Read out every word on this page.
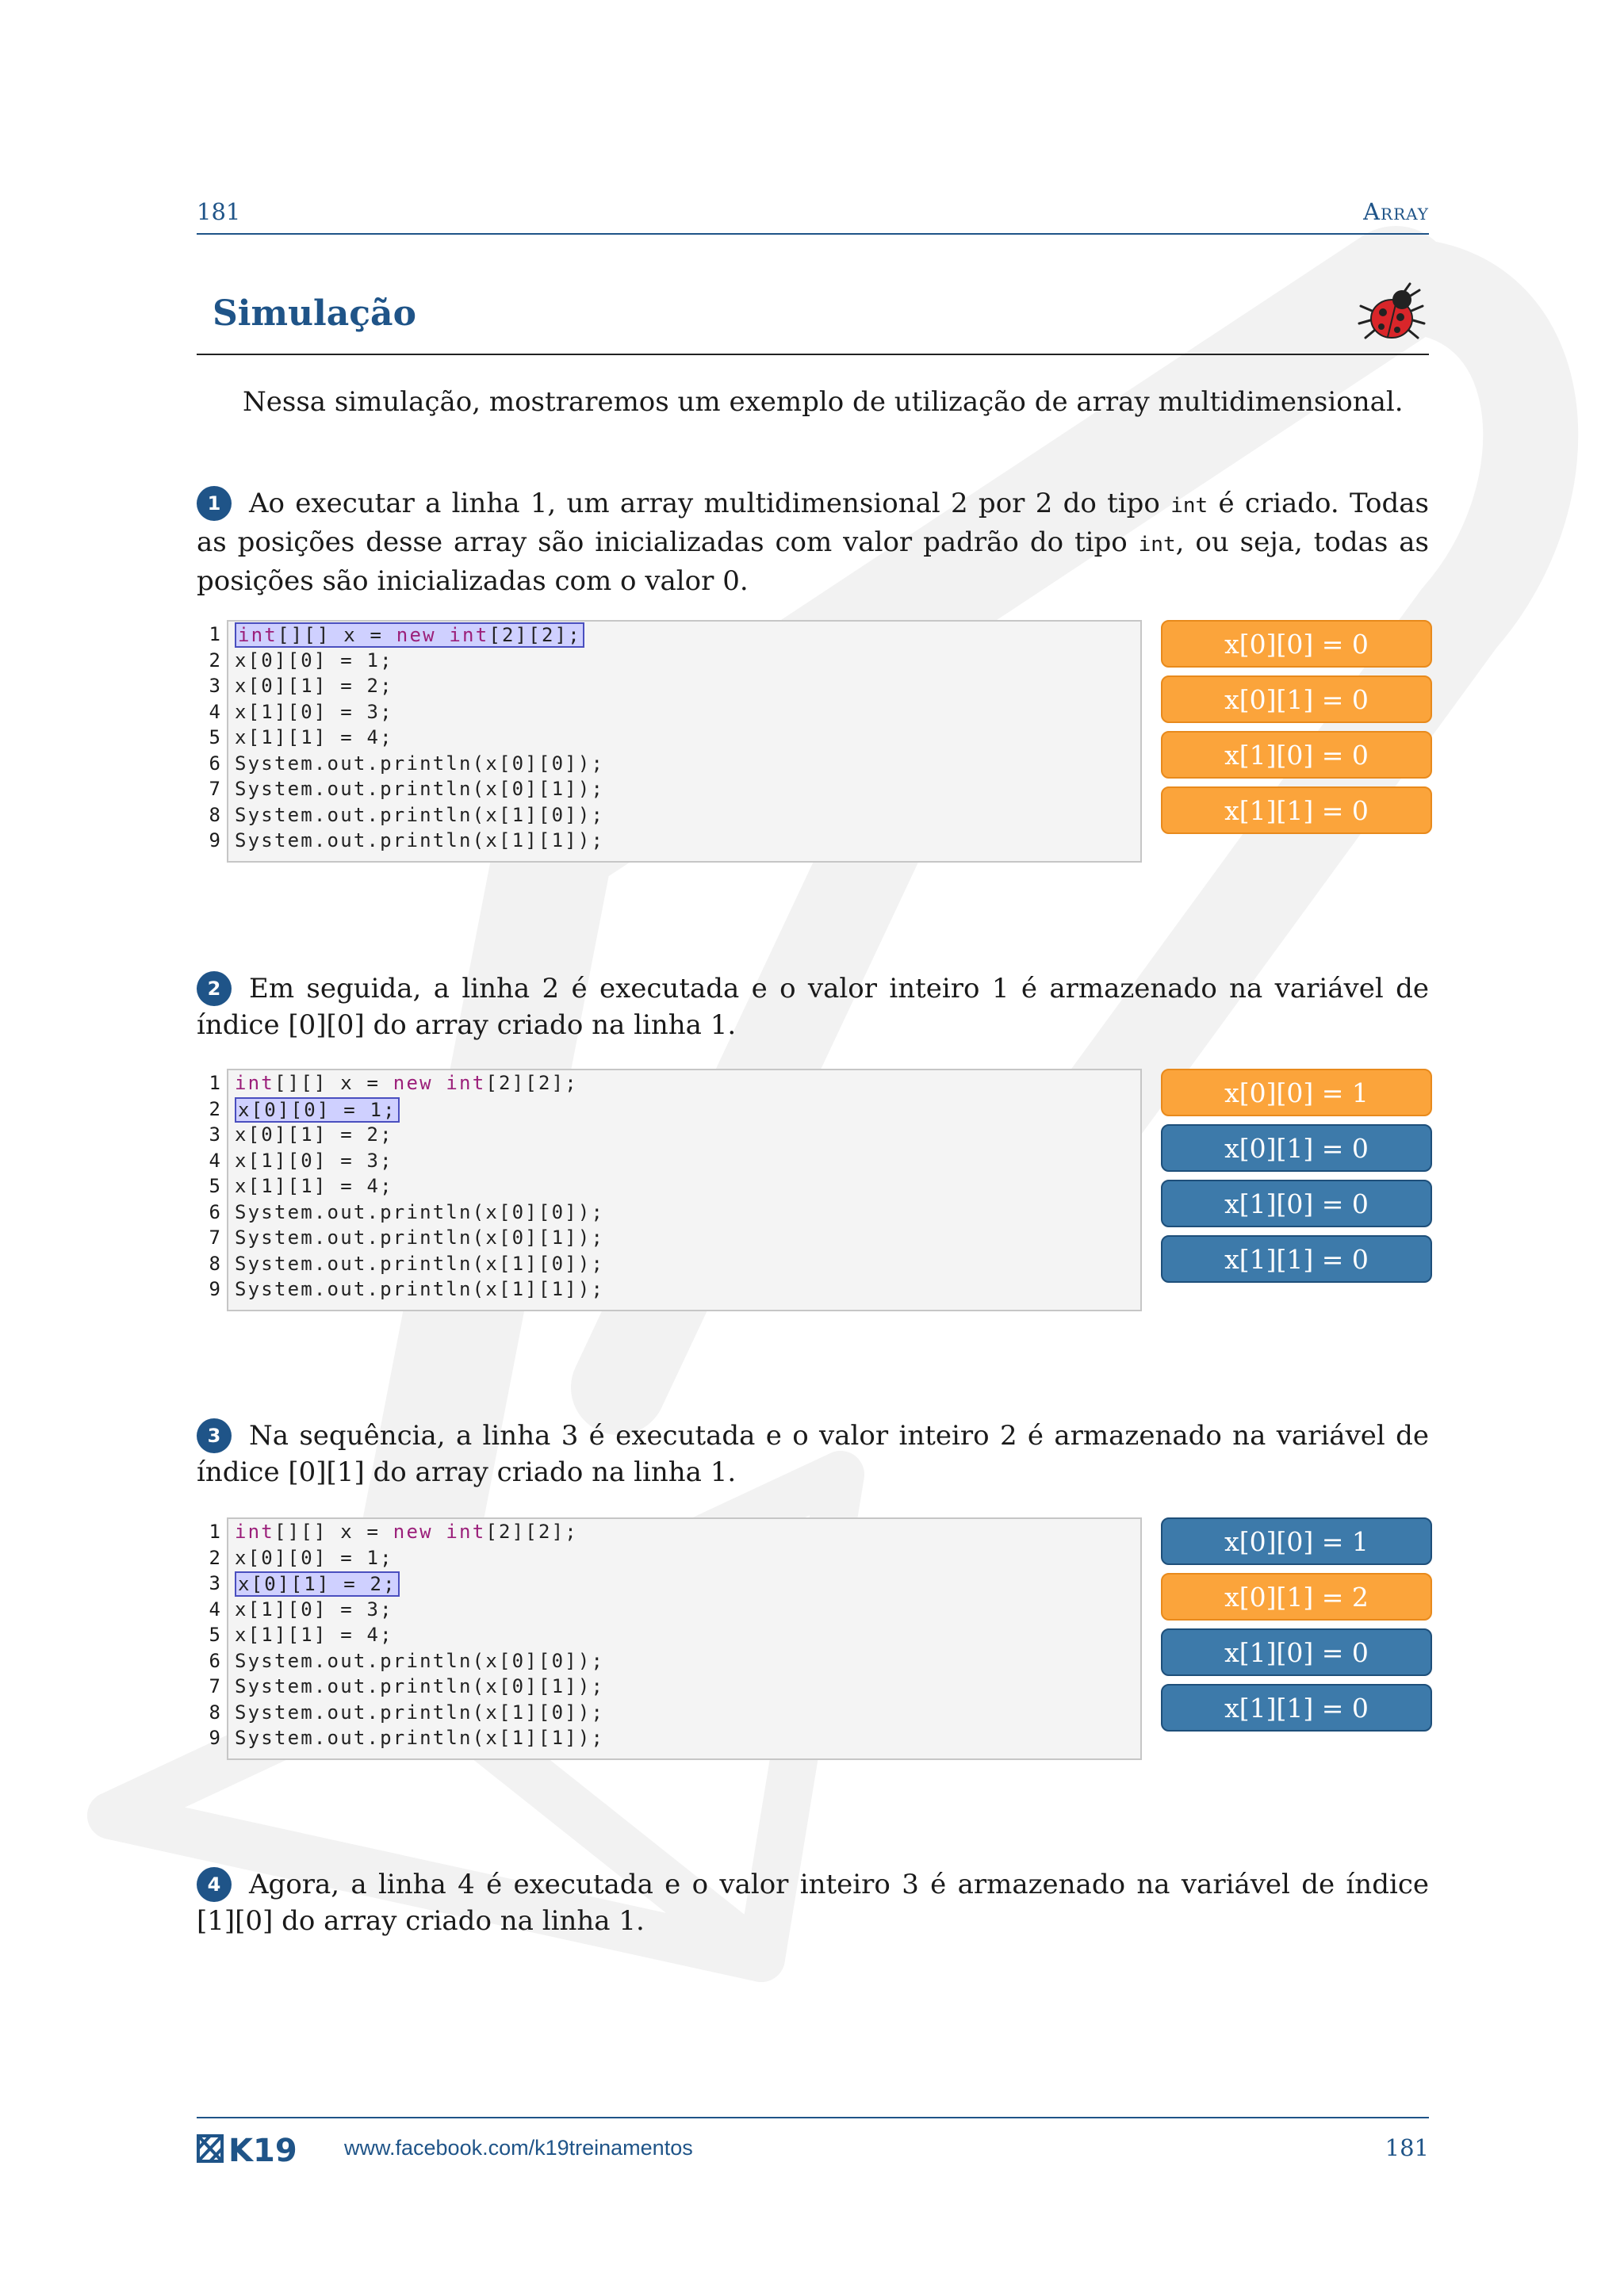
181	Array
Simulação

Nessa simulação, mostraremos um exemplo de utilização de array multidimensional.

1 Ao executar a linha 1, um array multidimensional 2 por 2 do tipo int é criado. Todas as posições desse array são inicializadas com valor padrão do tipo int, ou seja, todas as posições são inicializadas com o valor 0.

1
2
3
4
5
6
7
8
9
int[][] x = new int[2][2];
x[0][0] = 1;
x[0][1] = 2;
x[1][0] = 3;
x[1][1] = 4;
System.out.println(x[0][0]);
System.out.println(x[0][1]);
System.out.println(x[1][0]);
System.out.println(x[1][1]);
x[0][0] = 0
x[0][1] = 0
x[1][0] = 0
x[1][1] = 0

2 Em seguida, a linha 2 é executada e o valor inteiro 1 é armazenado na variável de índice [0][0] do array criado na linha 1.

1
2
3
4
5
6
7
8
9
int[][] x = new int[2][2];
x[0][0] = 1;
x[0][1] = 2;
x[1][0] = 3;
x[1][1] = 4;
System.out.println(x[0][0]);
System.out.println(x[0][1]);
System.out.println(x[1][0]);
System.out.println(x[1][1]);
x[0][0] = 1
x[0][1] = 0
x[1][0] = 0
x[1][1] = 0

3 Na sequência, a linha 3 é executada e o valor inteiro 2 é armazenado na variável de índice [0][1] do array criado na linha 1.

1
2
3
4
5
6
7
8
9
int[][] x = new int[2][2];
x[0][0] = 1;
x[0][1] = 2;
x[1][0] = 3;
x[1][1] = 4;
System.out.println(x[0][0]);
System.out.println(x[0][1]);
System.out.println(x[1][0]);
System.out.println(x[1][1]);
x[0][0] = 1
x[0][1] = 2
x[1][0] = 0
x[1][1] = 0

4 Agora, a linha 4 é executada e o valor inteiro 3 é armazenado na variável de índice [1][0] do array criado na linha 1.

K19 www.facebook.com/k19treinamentos	181
